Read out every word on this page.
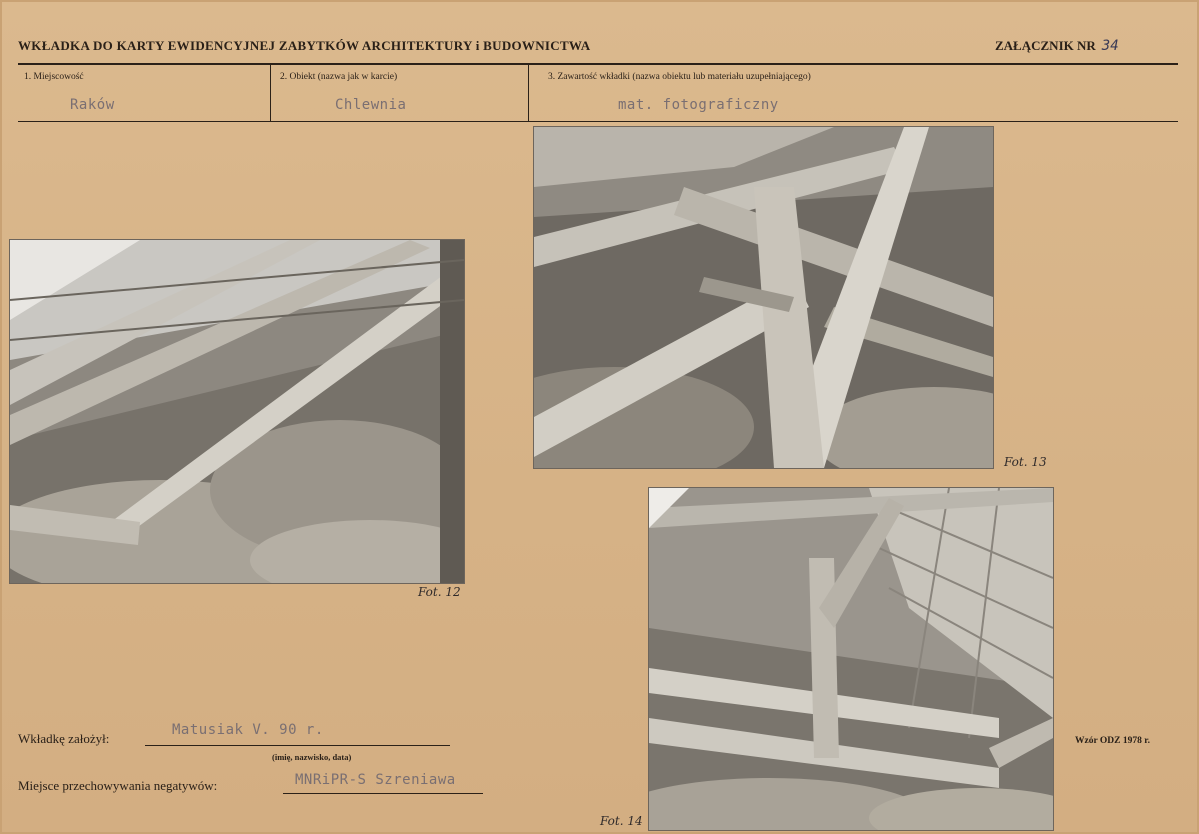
WKŁADKA DO KARTY EWIDENCYJNEJ ZABYTKÓW ARCHITEKTURY i BUDOWNICTWA	ZAŁĄCZNIK NR 34
1. Miejscowość
Raków
2. Obiekt (nazwa jak w karcie)
Chlewnia
3. Zawartość wkładki (nazwa obiektu lub materiału uzupełniającego)
mat. fotograficzny
Fot. 12
Fot. 13
Fot. 14
Wkładkę założył:
Matusiak V. 90 r.
(imię, nazwisko, data)
Miejsce przechowywania negatywów:	MNRiPR-S Szreniawa
Wzór ODZ 1978 r.
